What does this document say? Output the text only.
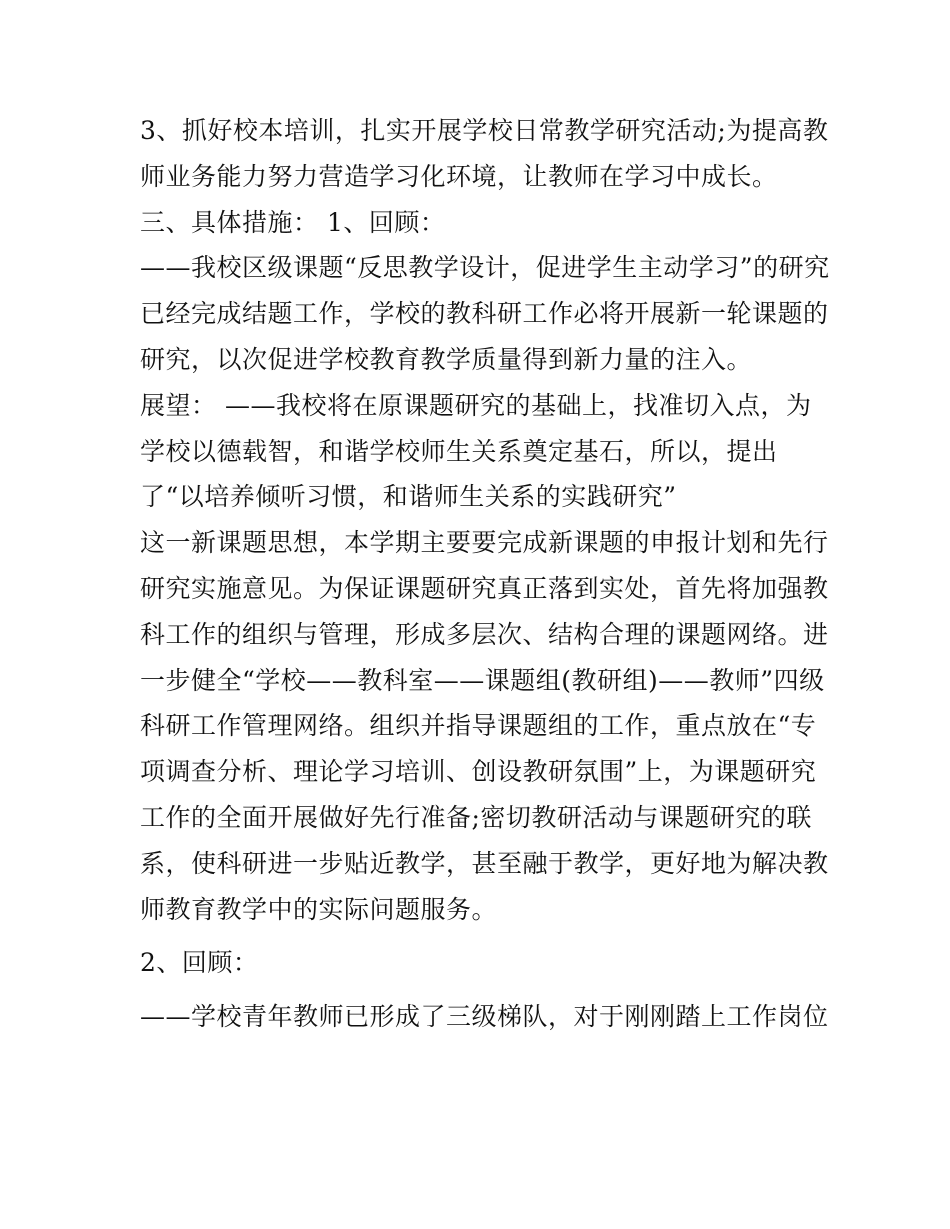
3、抓好校本培训，扎实开展学校日常教学研究活动;为提高教
师业务能力努力营造学习化环境，让教师在学习中成长。
三、具体措施： 1、回顾：
——我校区级课题“反思教学设计，促进学生主动学习”的研究
已经完成结题工作，学校的教科研工作必将开展新一轮课题的
研究，以次促进学校教育教学质量得到新力量的注入。
展望： ——我校将在原课题研究的基础上，找准切入点，为
学校以德载智，和谐学校师生关系奠定基石，所以，提出
了“以培养倾听习惯，和谐师生关系的实践研究”
这一新课题思想，本学期主要要完成新课题的申报计划和先行
研究实施意见。为保证课题研究真正落到实处，首先将加强教
科工作的组织与管理，形成多层次、结构合理的课题网络。进
一步健全“学校——教科室——课题组(教研组)——教师”四级
科研工作管理网络。组织并指导课题组的工作，重点放在“专
项调查分析、理论学习培训、创设教研氛围”上，为课题研究
工作的全面开展做好先行准备;密切教研活动与课题研究的联
系，使科研进一步贴近教学，甚至融于教学，更好地为解决教
师教育教学中的实际问题服务。
2、回顾：
——学校青年教师已形成了三级梯队，对于刚刚踏上工作岗位
